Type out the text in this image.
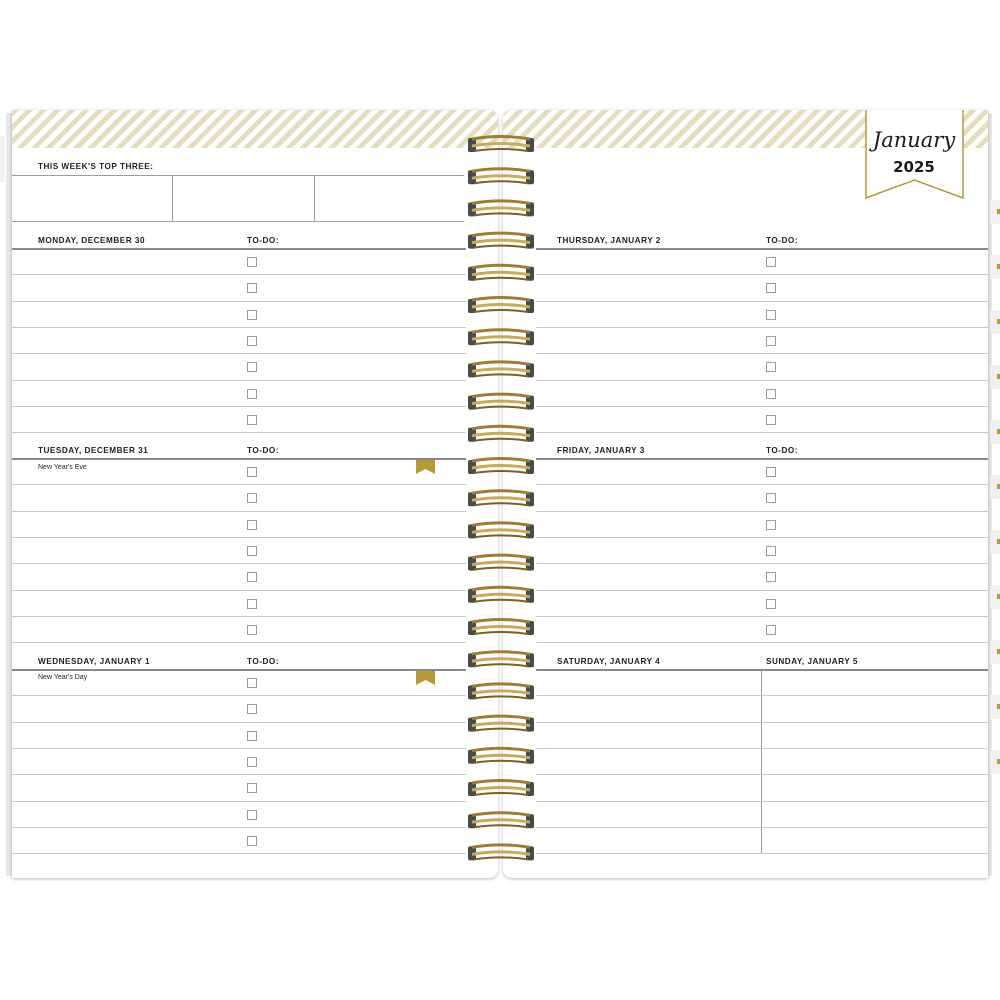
THIS WEEK'S TOP THREE:
January
2025
MONDAY, DECEMBER 30	TO-DO:
TUESDAY, DECEMBER 31	TO-DO:
WEDNESDAY, JANUARY 1	TO-DO:
THURSDAY, JANUARY 2	TO-DO:
FRIDAY, JANUARY 3	TO-DO:
SATURDAY, JANUARY 4	SUNDAY, JANUARY 5
New Year's Eve
New Year's Day
